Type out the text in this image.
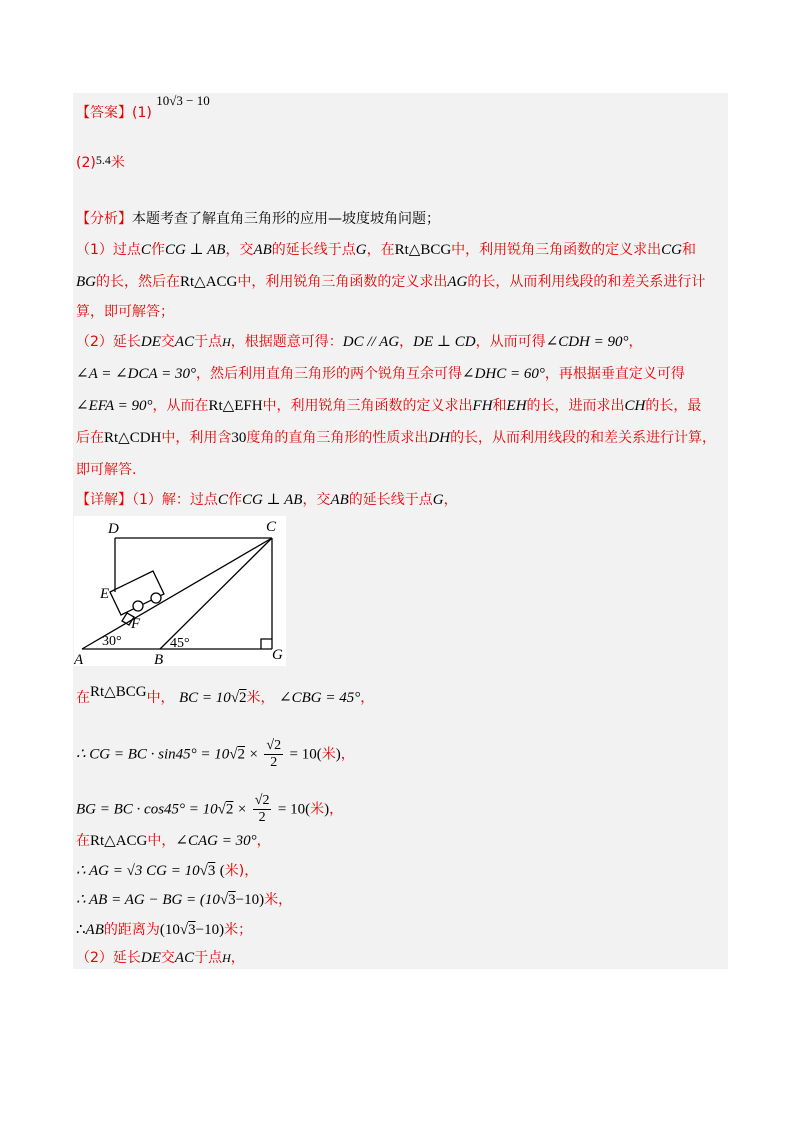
【答案】(1) 10√3 − 10
(2)5.4米
【分析】本题考查了解直角三角形的应用—坡度坡角问题；
（1）过点C作CG ⊥ AB，交AB的延长线于点G，在Rt△BCG中，利用锐角三角函数的定义求出CG和
BG的长，然后在Rt△ACG中，利用锐角三角函数的定义求出AG的长，从而利用线段的和差关系进行计
算，即可解答；
（2）延长DE交AC于点H，根据题意可得：DC // AG，DE ⊥ CD，从而可得∠CDH = 90°，
∠A = ∠DCA = 30°，然后利用直角三角形的两个锐角互余可得∠DHC = 60°，再根据垂直定义可得
∠EFA = 90°，从而在Rt△EFH中，利用锐角三角函数的定义求出FH和EH的长，进而求出CH的长，最
后在Rt△CDH中，利用含30度角的直角三角形的性质求出DH的长，从而利用线段的和差关系进行计算，
即可解答.
【详解】（1）解：过点C作CG ⊥ AB，交AB的延长线于点G，
D	C
E
F
A	B	G
30°	45°
在Rt△BCG中， BC = 10√2米， ∠CBG = 45°，
∴ CG = BC · $\sin 45^\circ = 10√2 \times \frac{√2}{2} = 10$(米)，
BG = BC · $\cos 45^\circ = 10√2 \times \frac{√2}{2} = 10$(米)，
在Rt△ACG中，∠CAG = 30°，
∴ AG = √3 CG = 10√3 (米)，
∴ AB = AG − BG = (10√3−10)米，
∴AB的距离为(10√3−10)米；
（2）延长DE交AC于点H，
